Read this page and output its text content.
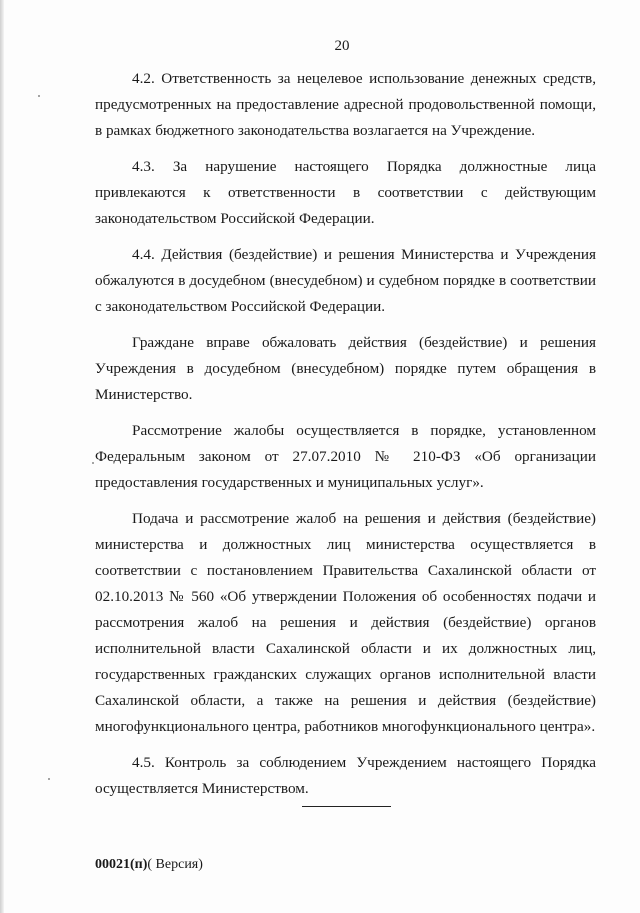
20

4.2. Ответственность за нецелевое использование денежных средств, предусмотренных на предоставление адресной продовольственной помощи, в рамках бюджетного законодательства возлагается на Учреждение.

4.3. За нарушение настоящего Порядка должностные лица привлекаются к ответственности в соответствии с действующим законодательством Российской Федерации.

4.4. Действия (бездействие) и решения Министерства и Учреждения обжалуются в досудебном (внесудебном) и судебном порядке в соответствии с законодательством Российской Федерации.

Граждане вправе обжаловать действия (бездействие) и решения Учреждения в досудебном (внесудебном) порядке путем обращения в Министерство.

Рассмотрение жалобы осуществляется в порядке, установленном Федеральным законом от 27.07.2010 № 210-ФЗ «Об организации предоставления государственных и муниципальных услуг».

Подача и рассмотрение жалоб на решения и действия (бездействие) министерства и должностных лиц министерства осуществляется в соответствии с постановлением Правительства Сахалинской области от 02.10.2013 № 560 «Об утверждении Положения об особенностях подачи и рассмотрения жалоб на решения и действия (бездействие) органов исполнительной власти Сахалинской области и их должностных лиц, государственных гражданских служащих органов исполнительной власти Сахалинской области, а также на решения и действия (бездействие) многофункционального центра, работников многофункционального центра».

4.5. Контроль за соблюдением Учреждением настоящего Порядка осуществляется Министерством.

00021(п)( Версия)
